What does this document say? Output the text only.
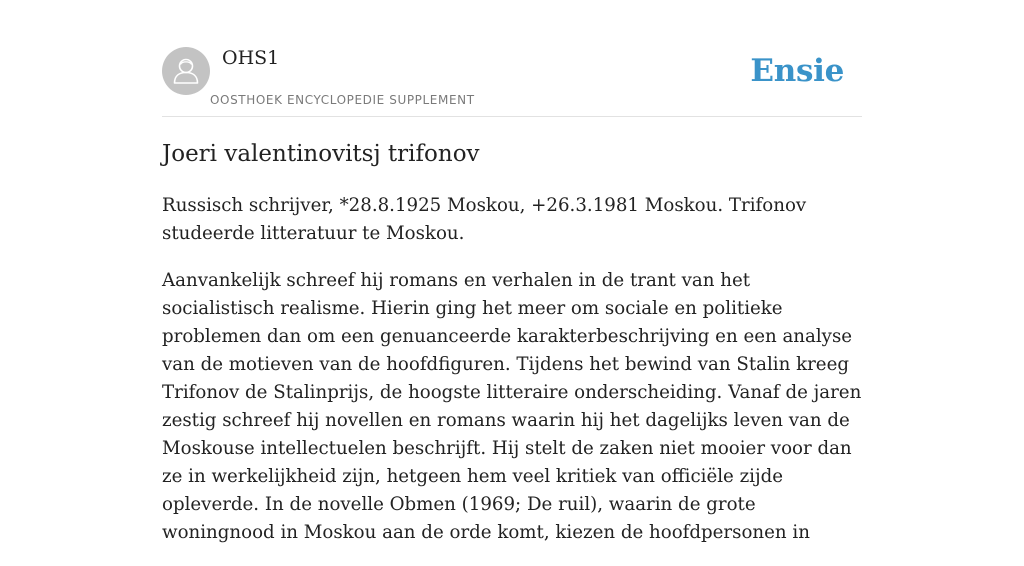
OHS1
OOSTHOEK ENCYCLOPEDIE SUPPLEMENT
Ensie
Joeri valentinovitsj trifonov

Russisch schrijver, *28.8.1925 Moskou, +26.3.1981 Moskou. Trifonov studeerde litteratuur te Moskou.

Aanvankelijk schreef hij romans en verhalen in de trant van het socialistisch realisme. Hierin ging het meer om sociale en politieke problemen dan om een genuanceerde karakterbeschrijving en een analyse van de motieven van de hoofdfiguren. Tijdens het bewind van Stalin kreeg Trifonov de Stalinprijs, de hoogste litteraire onderscheiding. Vanaf de jaren zestig schreef hij novellen en romans waarin hij het dagelijks leven van de Moskouse intellectuelen beschrijft. Hij stelt de zaken niet mooier voor dan ze in werkelijkheid zijn, hetgeen hem veel kritiek van officiële zijde opleverde. In de novelle Obmen (1969; De ruil), waarin de grote woningnood in Moskou aan de orde komt, kiezen de hoofdpersonen in
